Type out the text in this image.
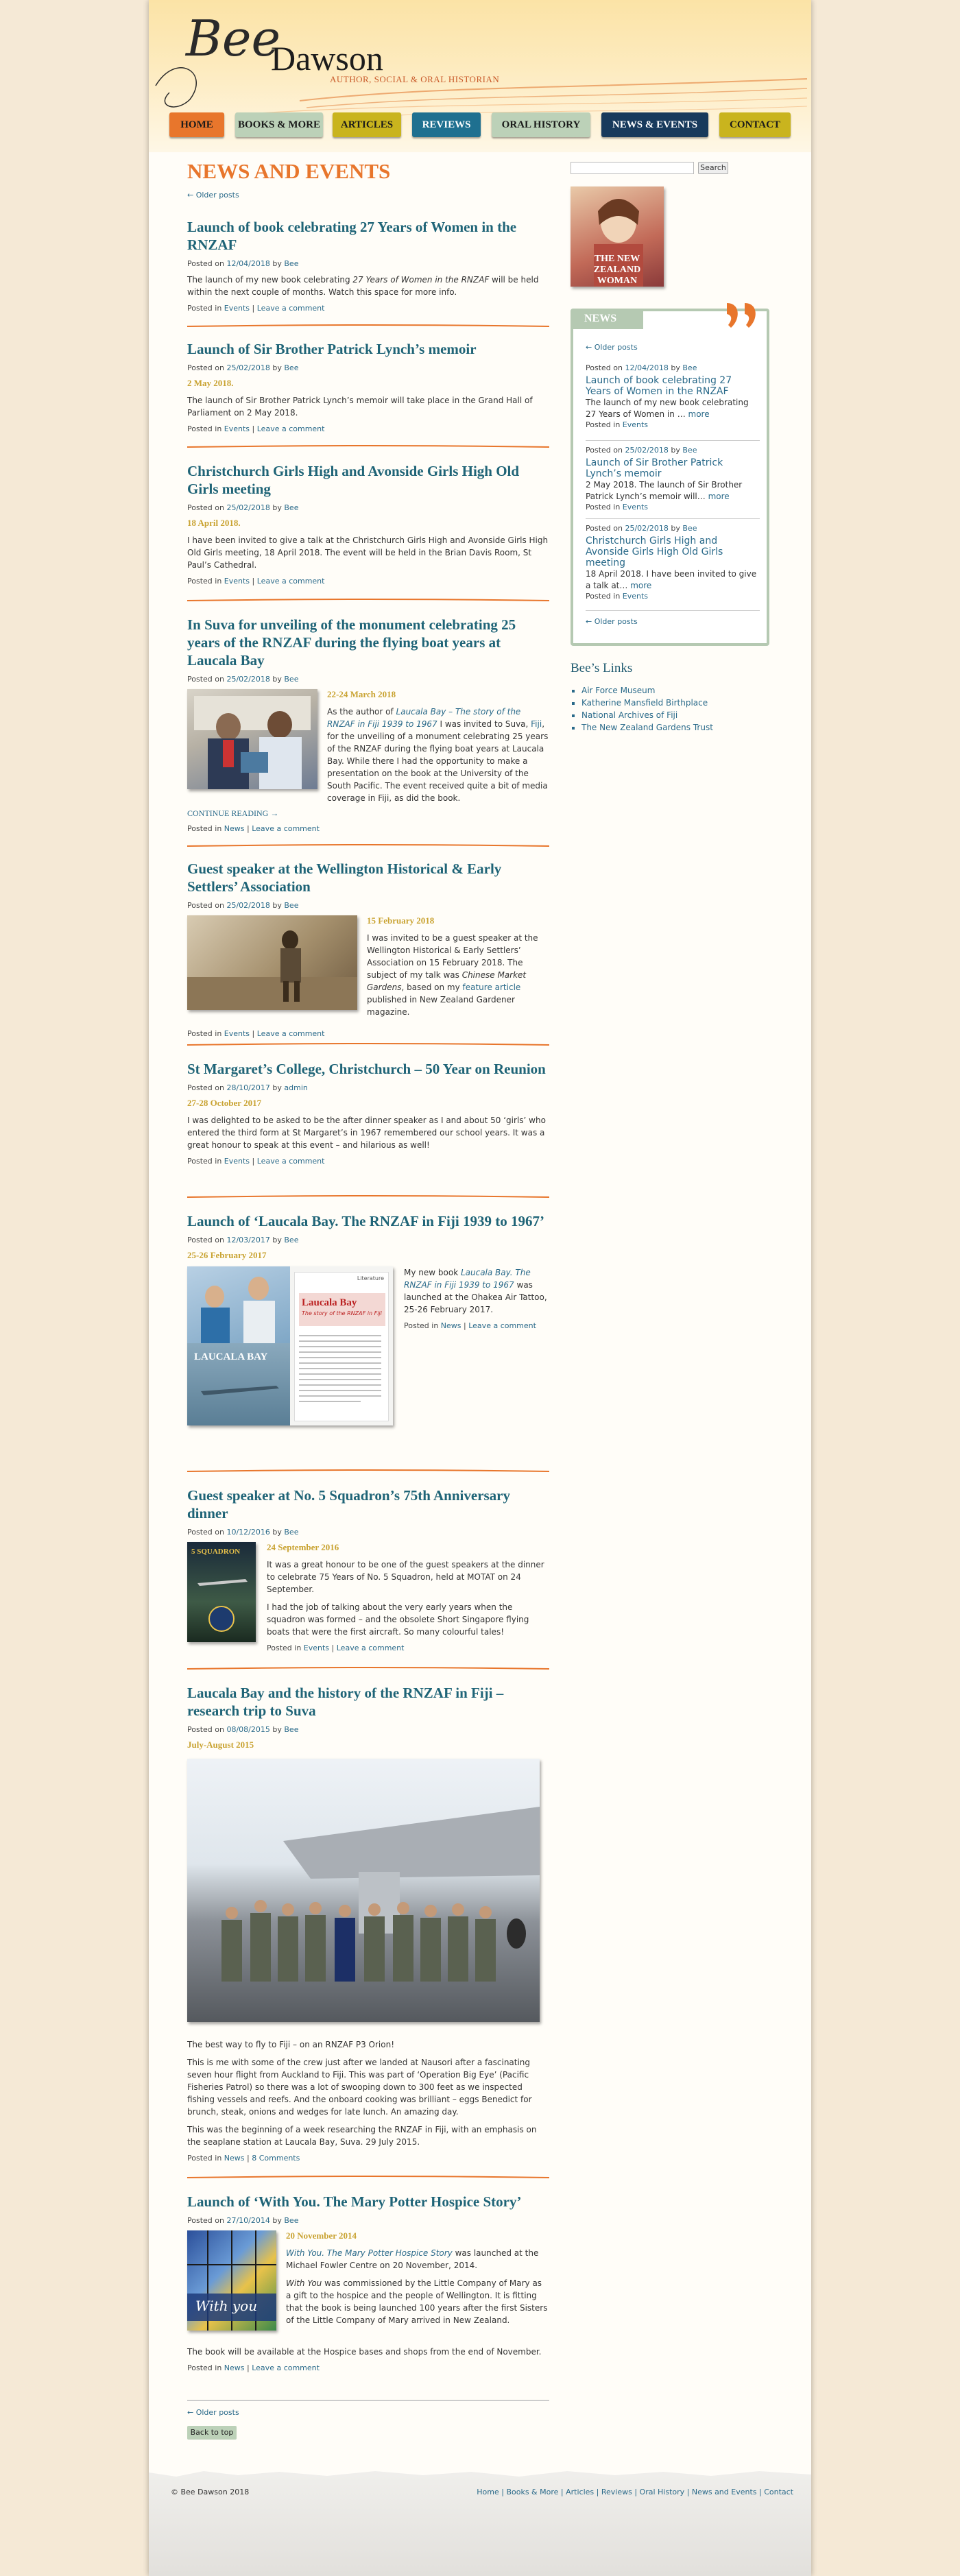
Bee
Dawson
AUTHOR, SOCIAL & ORAL HISTORIAN
HOME	BOOKS & MORE	ARTICLES	REVIEWS	ORAL HISTORY	NEWS & EVENTS	CONTACT
NEWS AND EVENTS
← Older posts
Launch of book celebrating 27 Years of Women in the RNZAF
Posted on 12/04/2018 by Bee
The launch of my new book celebrating 27 Years of Women in the RNZAF will be held within the next couple of months. Watch this space for more info.
Posted in Events | Leave a comment
Launch of Sir Brother Patrick Lynch’s memoir
Posted on 25/02/2018 by Bee
2 May 2018.
The launch of Sir Brother Patrick Lynch’s memoir will take place in the Grand Hall of Parliament on 2 May 2018.
Posted in Events | Leave a comment
Christchurch Girls High and Avonside Girls High Old Girls meeting
Posted on 25/02/2018 by Bee
18 April 2018.
I have been invited to give a talk at the Christchurch Girls High and Avonside Girls High Old Girls meeting, 18 April 2018. The event will be held in the Brian Davis Room, St Paul’s Cathedral.
Posted in Events | Leave a comment
In Suva for unveiling of the monument celebrating 25 years of the RNZAF during the flying boat years at Laucala Bay
Posted on 25/02/2018 by Bee
22-24 March 2018
As the author of Laucala Bay – The story of the RNZAF in Fiji 1939 to 1967 I was invited to Suva, Fiji, for the unveiling of a monument celebrating 25 years of the RNZAF during the flying boat years at Laucala Bay. While there I had the opportunity to make a presentation on the book at the University of the South Pacific. The event received quite a bit of media coverage in Fiji, as did the book.
CONTINUE READING →
Posted in News | Leave a comment
Guest speaker at the Wellington Historical & Early Settlers’ Association
Posted on 25/02/2018 by Bee
15 February 2018
I was invited to be a guest speaker at the Wellington Historical & Early Settlers’ Association on 15 February 2018. The subject of my talk was Chinese Market Gardens, based on my feature article published in New Zealand Gardener magazine.
Posted in Events | Leave a comment
St Margaret’s College, Christchurch – 50 Year on Reunion
Posted on 28/10/2017 by admin
27-28 October 2017
I was delighted to be asked to be the after dinner speaker as I and about 50 ‘girls’ who entered the third form at St Margaret’s in 1967 remembered our school years. It was a great honour to speak at this event – and hilarious as well!
Posted in Events | Leave a comment
Launch of ‘Laucala Bay. The RNZAF in Fiji 1939 to 1967’
Posted on 12/03/2017 by Bee
25-26 February 2017
LAUCALA BAY
Literature
Laucala Bay
The story of the RNZAF in Fiji
My new book Laucala Bay. The RNZAF in Fiji 1939 to 1967 was launched at the Ohakea Air Tattoo, 25-26 February 2017.
Posted in News | Leave a comment
Guest speaker at No. 5 Squadron’s 75th Anniversary dinner
Posted on 10/12/2016 by Bee
5 SQUADRON	24 September 2016
It was a great honour to be one of the guest speakers at the dinner to celebrate 75 Years of No. 5 Squadron, held at MOTAT on 24 September.
I had the job of talking about the very early years when the squadron was formed – and the obsolete Short Singapore flying boats that were the first aircraft. So many colourful tales!
Posted in Events | Leave a comment
Laucala Bay and the history of the RNZAF in Fiji – research trip to Suva
Posted on 08/08/2015 by Bee
July-August 2015
The best way to fly to Fiji – on an RNZAF P3 Orion!
This is me with some of the crew just after we landed at Nausori after a fascinating seven hour flight from Auckland to Fiji. This was part of ‘Operation Big Eye’ (Pacific Fisheries Patrol) so there was a lot of swooping down to 300 feet as we inspected fishing vessels and reefs. And the onboard cooking was brilliant – eggs Benedict for brunch, steak, onions and wedges for late lunch. An amazing day.
This was the beginning of a week researching the RNZAF in Fiji, with an emphasis on the seaplane station at Laucala Bay, Suva. 29 July 2015.
Posted in News | 8 Comments
Launch of ‘With You. The Mary Potter Hospice Story’
Posted on 27/10/2014 by Bee
With you
20 November 2014
With You. The Mary Potter Hospice Story was launched at the Michael Fowler Centre on 20 November, 2014.
With You was commissioned by the Little Company of Mary as a gift to the hospice and the people of Wellington. It is fitting that the book is being launched 100 years after the first Sisters of the Little Company of Mary arrived in New Zealand.
The book will be available at the Hospice bases and shops from the end of November.
Posted in News | Leave a comment
← Older posts
Back to top
Search
THE NEW ZEALAND WOMAN
NEWS
← Older posts
Posted on 12/04/2018 by Bee
Launch of book celebrating 27 Years of Women in the RNZAF
The launch of my new book celebrating 27 Years of Women in … more
Posted in Events
Posted on 25/02/2018 by Bee
Launch of Sir Brother Patrick Lynch’s memoir
2 May 2018. The launch of Sir Brother Patrick Lynch’s memoir will… more
Posted in Events
Posted on 25/02/2018 by Bee
Christchurch Girls High and Avonside Girls High Old Girls meeting
18 April 2018. I have been invited to give a talk at… more
Posted in Events
← Older posts
Bee’s Links
▪ Air Force Museum
▪ Katherine Mansfield Birthplace
▪ National Archives of Fiji
▪ The New Zealand Gardens Trust
© Bee Dawson 2018	Home | Books & More | Articles | Reviews | Oral History | News and Events | Contact
